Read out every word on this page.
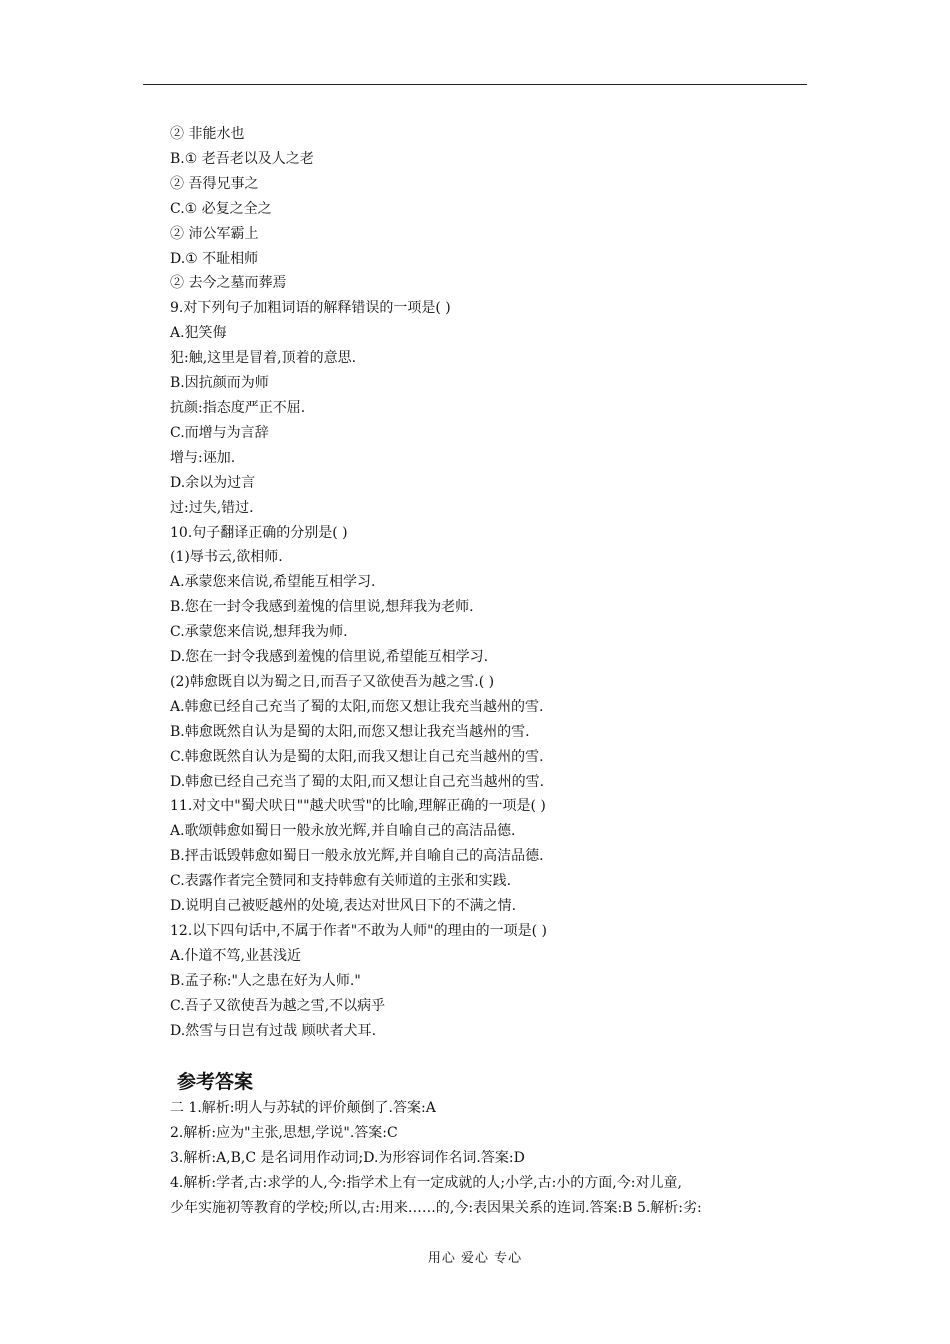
② 非能水也
B.① 老吾老以及人之老
② 吾得兄事之
C.① 必复之全之
② 沛公军霸上
D.① 不耻相师
② 去今之墓而葬焉
9.对下列句子加粗词语的解释错误的一项是( )
A.犯笑侮
犯:触,这里是冒着,顶着的意思.
B.因抗颜而为师
抗颜:指态度严正不屈.
C.而增与为言辞
增与:诬加.
D.余以为过言
过:过失,错过.
10.句子翻译正确的分别是( )
(1)辱书云,欲相师.
A.承蒙您来信说,希望能互相学习.
B.您在一封令我感到羞愧的信里说,想拜我为老师.
C.承蒙您来信说,想拜我为师.
D.您在一封令我感到羞愧的信里说,希望能互相学习.
(2)韩愈既自以为蜀之日,而吾子又欲使吾为越之雪.( )
A.韩愈已经自己充当了蜀的太阳,而您又想让我充当越州的雪.
B.韩愈既然自认为是蜀的太阳,而您又想让我充当越州的雪.
C.韩愈既然自认为是蜀的太阳,而我又想让自己充当越州的雪.
D.韩愈已经自己充当了蜀的太阳,而又想让自己充当越州的雪.
11.对文中"蜀犬吠日""越犬吠雪"的比喻,理解正确的一项是( )
A.歌颂韩愈如蜀日一般永放光辉,并自喻自己的高洁品德.
B.抨击诋毁韩愈如蜀日一般永放光辉,并自喻自己的高洁品德.
C.表露作者完全赞同和支持韩愈有关师道的主张和实践.
D.说明自己被贬越州的处境,表达对世风日下的不满之情.
12.以下四句话中,不属于作者"不敢为人师"的理由的一项是( )
A.仆道不笃,业甚浅近
B.孟子称:"人之患在好为人师."
C.吾子又欲使吾为越之雪,不以病乎
D.然雪与日岂有过哉 顾吠者犬耳.
参考答案
二 1.解析:明人与苏轼的评价颠倒了.答案:A
2.解析:应为"主张,思想,学说".答案:C
3.解析:A,B,C 是名词用作动词;D.为形容词作名词.答案:D
4.解析:学者,古:求学的人,今:指学术上有一定成就的人;小学,古:小的方面,今:对儿童,
少年实施初等教育的学校;所以,古:用来……的,今:表因果关系的连词.答案:B 5.解析:劣:
用心 爱心 专心
